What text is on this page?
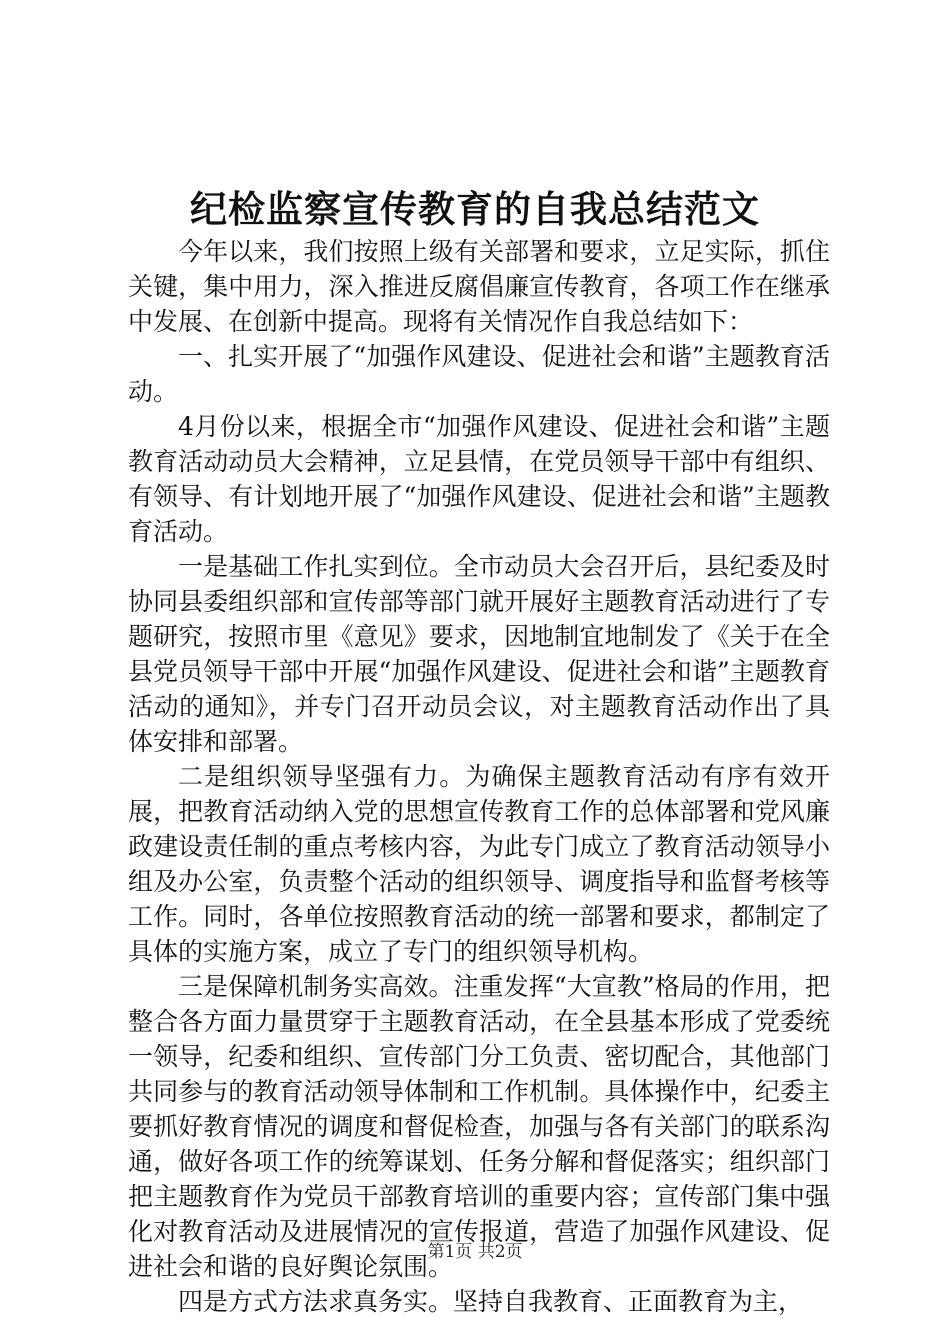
纪检监察宣传教育的自我总结范文

今年以来，我们按照上级有关部署和要求，立足实际，抓住关键，集中用力，深入推进反腐倡廉宣传教育，各项工作在继承中发展、在创新中提高。现将有关情况作自我总结如下：

一、扎实开展了“加强作风建设、促进社会和谐”主题教育活动。

4月份以来，根据全市“加强作风建设、促进社会和谐”主题教育活动动员大会精神，立足县情，在党员领导干部中有组织、有领导、有计划地开展了“加强作风建设、促进社会和谐”主题教育活动。

一是基础工作扎实到位。全市动员大会召开后，县纪委及时协同县委组织部和宣传部等部门就开展好主题教育活动进行了专题研究，按照市里《意见》要求，因地制宜地制发了《关于在全县党员领导干部中开展“加强作风建设、促进社会和谐”主题教育活动的通知》，并专门召开动员会议，对主题教育活动作出了具体安排和部署。

二是组织领导坚强有力。为确保主题教育活动有序有效开展，把教育活动纳入党的思想宣传教育工作的总体部署和党风廉政建设责任制的重点考核内容，为此专门成立了教育活动领导小组及办公室，负责整个活动的组织领导、调度指导和监督考核等工作。同时，各单位按照教育活动的统一部署和要求，都制定了具体的实施方案，成立了专门的组织领导机构。

三是保障机制务实高效。注重发挥“大宣教”格局的作用，把整合各方面力量贯穿于主题教育活动，在全县基本形成了党委统一领导，纪委和组织、宣传部门分工负责、密切配合，其他部门共同参与的教育活动领导体制和工作机制。具体操作中，纪委主要抓好教育情况的调度和督促检查，加强与各有关部门的联系沟通，做好各项工作的统筹谋划、任务分解和督促落实；组织部门把主题教育作为党员干部教育培训的重要内容；宣传部门集中强化对教育活动及进展情况的宣传报道，营造了加强作风建设、促进社会和谐的良好舆论氛围。

四是方式方法求真务实。坚持自我教育、正面教育为主，

第1页 共2页
